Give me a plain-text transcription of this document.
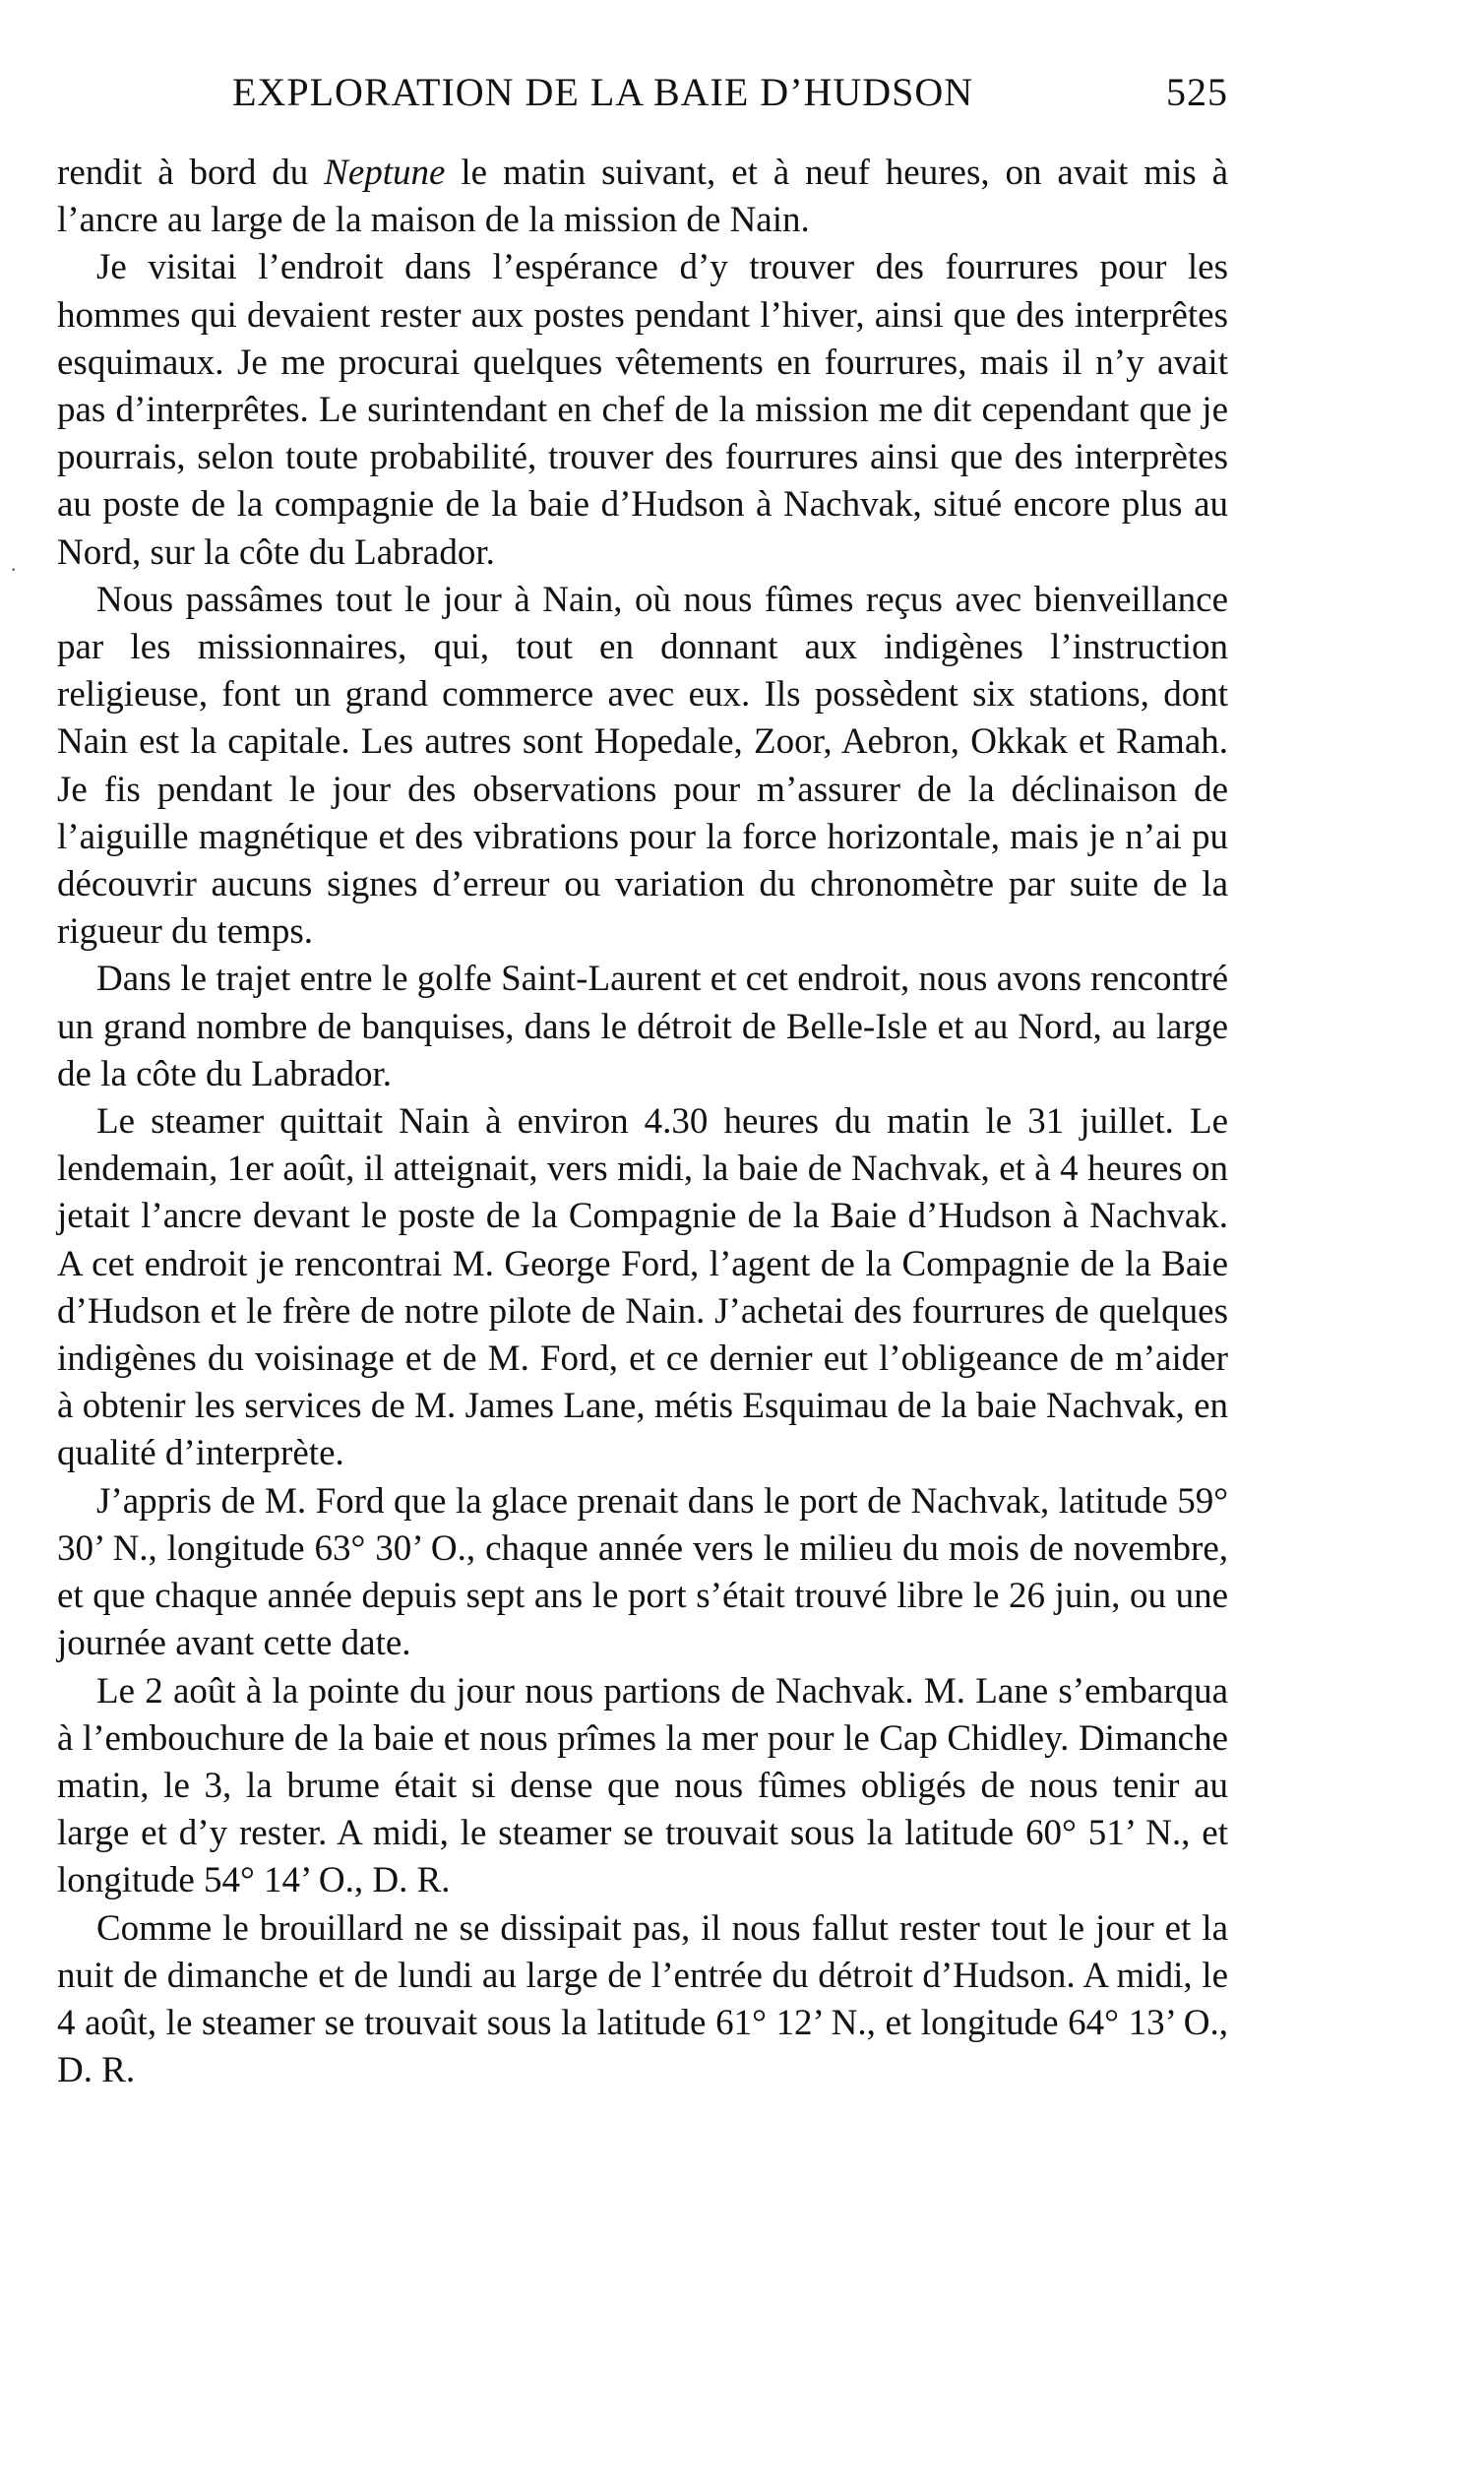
EXPLORATION DE LA BAIE D’HUDSON	525
·

rendit à bord du Neptune le matin suivant, et à neuf heures, on avait mis à l’ancre au large de la maison de la mission de Nain.

Je visitai l’endroit dans l’espérance d’y trouver des fourrures pour les hommes qui devaient rester aux postes pendant l’hiver, ainsi que des interprêtes esquimaux. Je me procurai quelques vêtements en fourrures, mais il n’y avait pas d’interprêtes. Le surintendant en chef de la mission me dit cependant que je pourrais, selon toute probabilité, trouver des fourrures ainsi que des interprètes au poste de la compagnie de la baie d’Hudson à Nachvak, situé encore plus au Nord, sur la côte du Labrador.

Nous passâmes tout le jour à Nain, où nous fûmes reçus avec bienveillance par les missionnaires, qui, tout en donnant aux indigènes l’instruction religieuse, font un grand commerce avec eux. Ils possèdent six stations, dont Nain est la capitale. Les autres sont Hopedale, Zoor, Aebron, Okkak et Ramah. Je fis pendant le jour des observations pour m’assurer de la déclinaison de l’aiguille magnétique et des vibrations pour la force horizontale, mais je n’ai pu découvrir aucuns signes d’erreur ou variation du chronomètre par suite de la rigueur du temps.

Dans le trajet entre le golfe Saint-Laurent et cet endroit, nous avons rencontré un grand nombre de banquises, dans le détroit de Belle-Isle et au Nord, au large de la côte du Labrador.

Le steamer quittait Nain à environ 4.30 heures du matin le 31 juillet. Le lendemain, 1er août, il atteignait, vers midi, la baie de Nachvak, et à 4 heures on jetait l’ancre devant le poste de la Compagnie de la Baie d’Hudson à Nachvak. A cet endroit je rencontrai M. George Ford, l’agent de la Compagnie de la Baie d’Hudson et le frère de notre pilote de Nain. J’achetai des fourrures de quelques indigènes du voisinage et de M. Ford, et ce dernier eut l’obligeance de m’aider à obtenir les services de M. James Lane, métis Esquimau de la baie Nachvak, en qualité d’interprète.

J’appris de M. Ford que la glace prenait dans le port de Nachvak, latitude 59° 30’ N., longitude 63° 30’ O., chaque année vers le milieu du mois de novembre, et que chaque année depuis sept ans le port s’était trouvé libre le 26 juin, ou une journée avant cette date.

Le 2 août à la pointe du jour nous partions de Nachvak. M. Lane s’embarqua à l’embouchure de la baie et nous prîmes la mer pour le Cap Chidley. Dimanche matin, le 3, la brume était si dense que nous fûmes obligés de nous tenir au large et d’y rester. A midi, le steamer se trouvait sous la latitude 60° 51’ N., et longitude 54° 14’ O., D. R.

Comme le brouillard ne se dissipait pas, il nous fallut rester tout le jour et la nuit de dimanche et de lundi au large de l’entrée du détroit d’Hudson. A midi, le 4 août, le steamer se trouvait sous la latitude 61° 12’ N., et longitude 64° 13’ O., D. R.
